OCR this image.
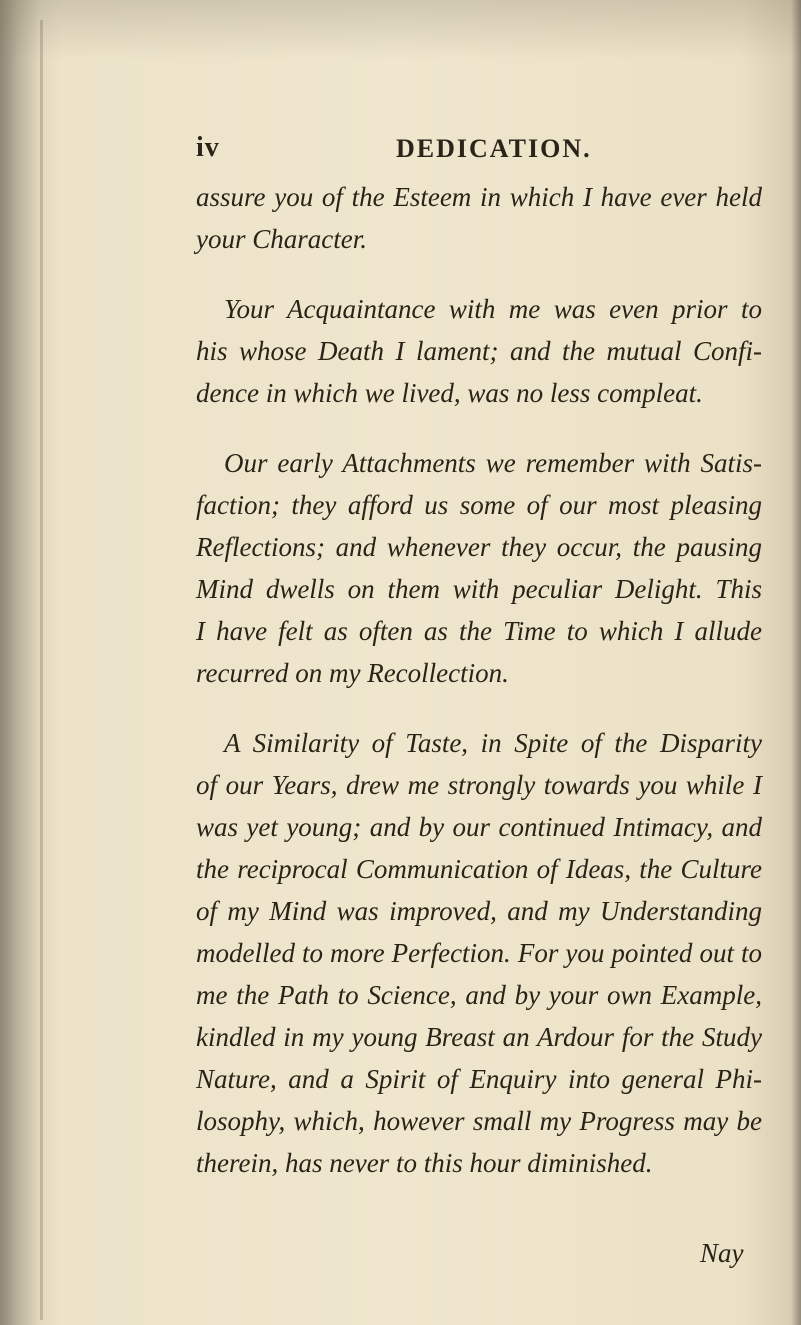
iv	DEDICATION.
assure you of the Esteem in which I have ever held
your Character.
Your Acquaintance with me was even prior to
his whose Death I lament; and the mutual Confi-
dence in which we lived, was no less compleat.
Our early Attachments we remember with Satis-
faction; they afford us some of our most pleasing
Reflections; and whenever they occur, the pausing
Mind dwells on them with peculiar Delight. This
I have felt as often as the Time to which I allude
recurred on my Recollection.
A Similarity of Taste, in Spite of the Disparity
of our Years, drew me strongly towards you while I
was yet young; and by our continued Intimacy, and
the reciprocal Communication of Ideas, the Culture
of my Mind was improved, and my Understanding
modelled to more Perfection. For you pointed out to
me the Path to Science, and by your own Example,
kindled in my young Breast an Ardour for the Study
Nature, and a Spirit of Enquiry into general Phi-
losophy, which, however small my Progress may be
therein, has never to this hour diminished.
Nay
